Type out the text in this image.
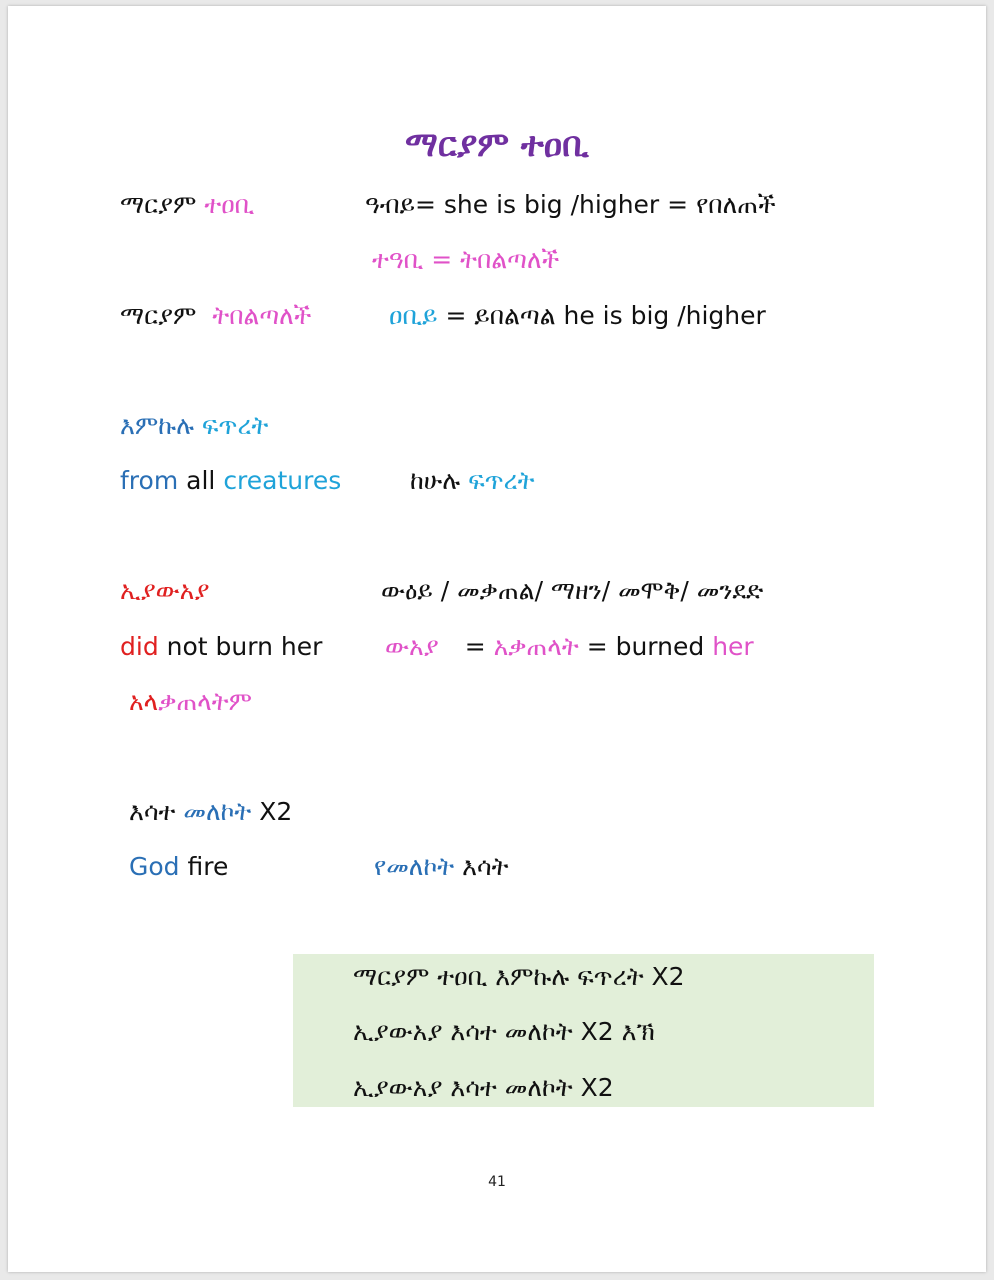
ማርያም ተዐቢ
ማርያም ተዐቢ	ዓብይ= she is big /higher = የበለጠች
ተዓቢ = ትበልጣለች
ማርያም ትበልጣለች	ዐቢይ = ይበልጣል he is big /higher
እምኩሉ ፍጥረት
from all creatures	ከሁሉ ፍጥረት
ኢያውአያ	ውዕይ / መቃጠል/ ማዘን/ መሞቅ/ መንደድ
did not burn her	ውአያ = አቃጠላት = burned her
አላቃጠላትም
እሳተ መለኮት X2
God fire	የመለኮት እሳት
ማርያም ተዐቢ እምኩሉ ፍጥረት X2
ኢያውአያ እሳተ መለኮት X2 እኽ
ኢያውአያ እሳተ መለኮት X2
41
